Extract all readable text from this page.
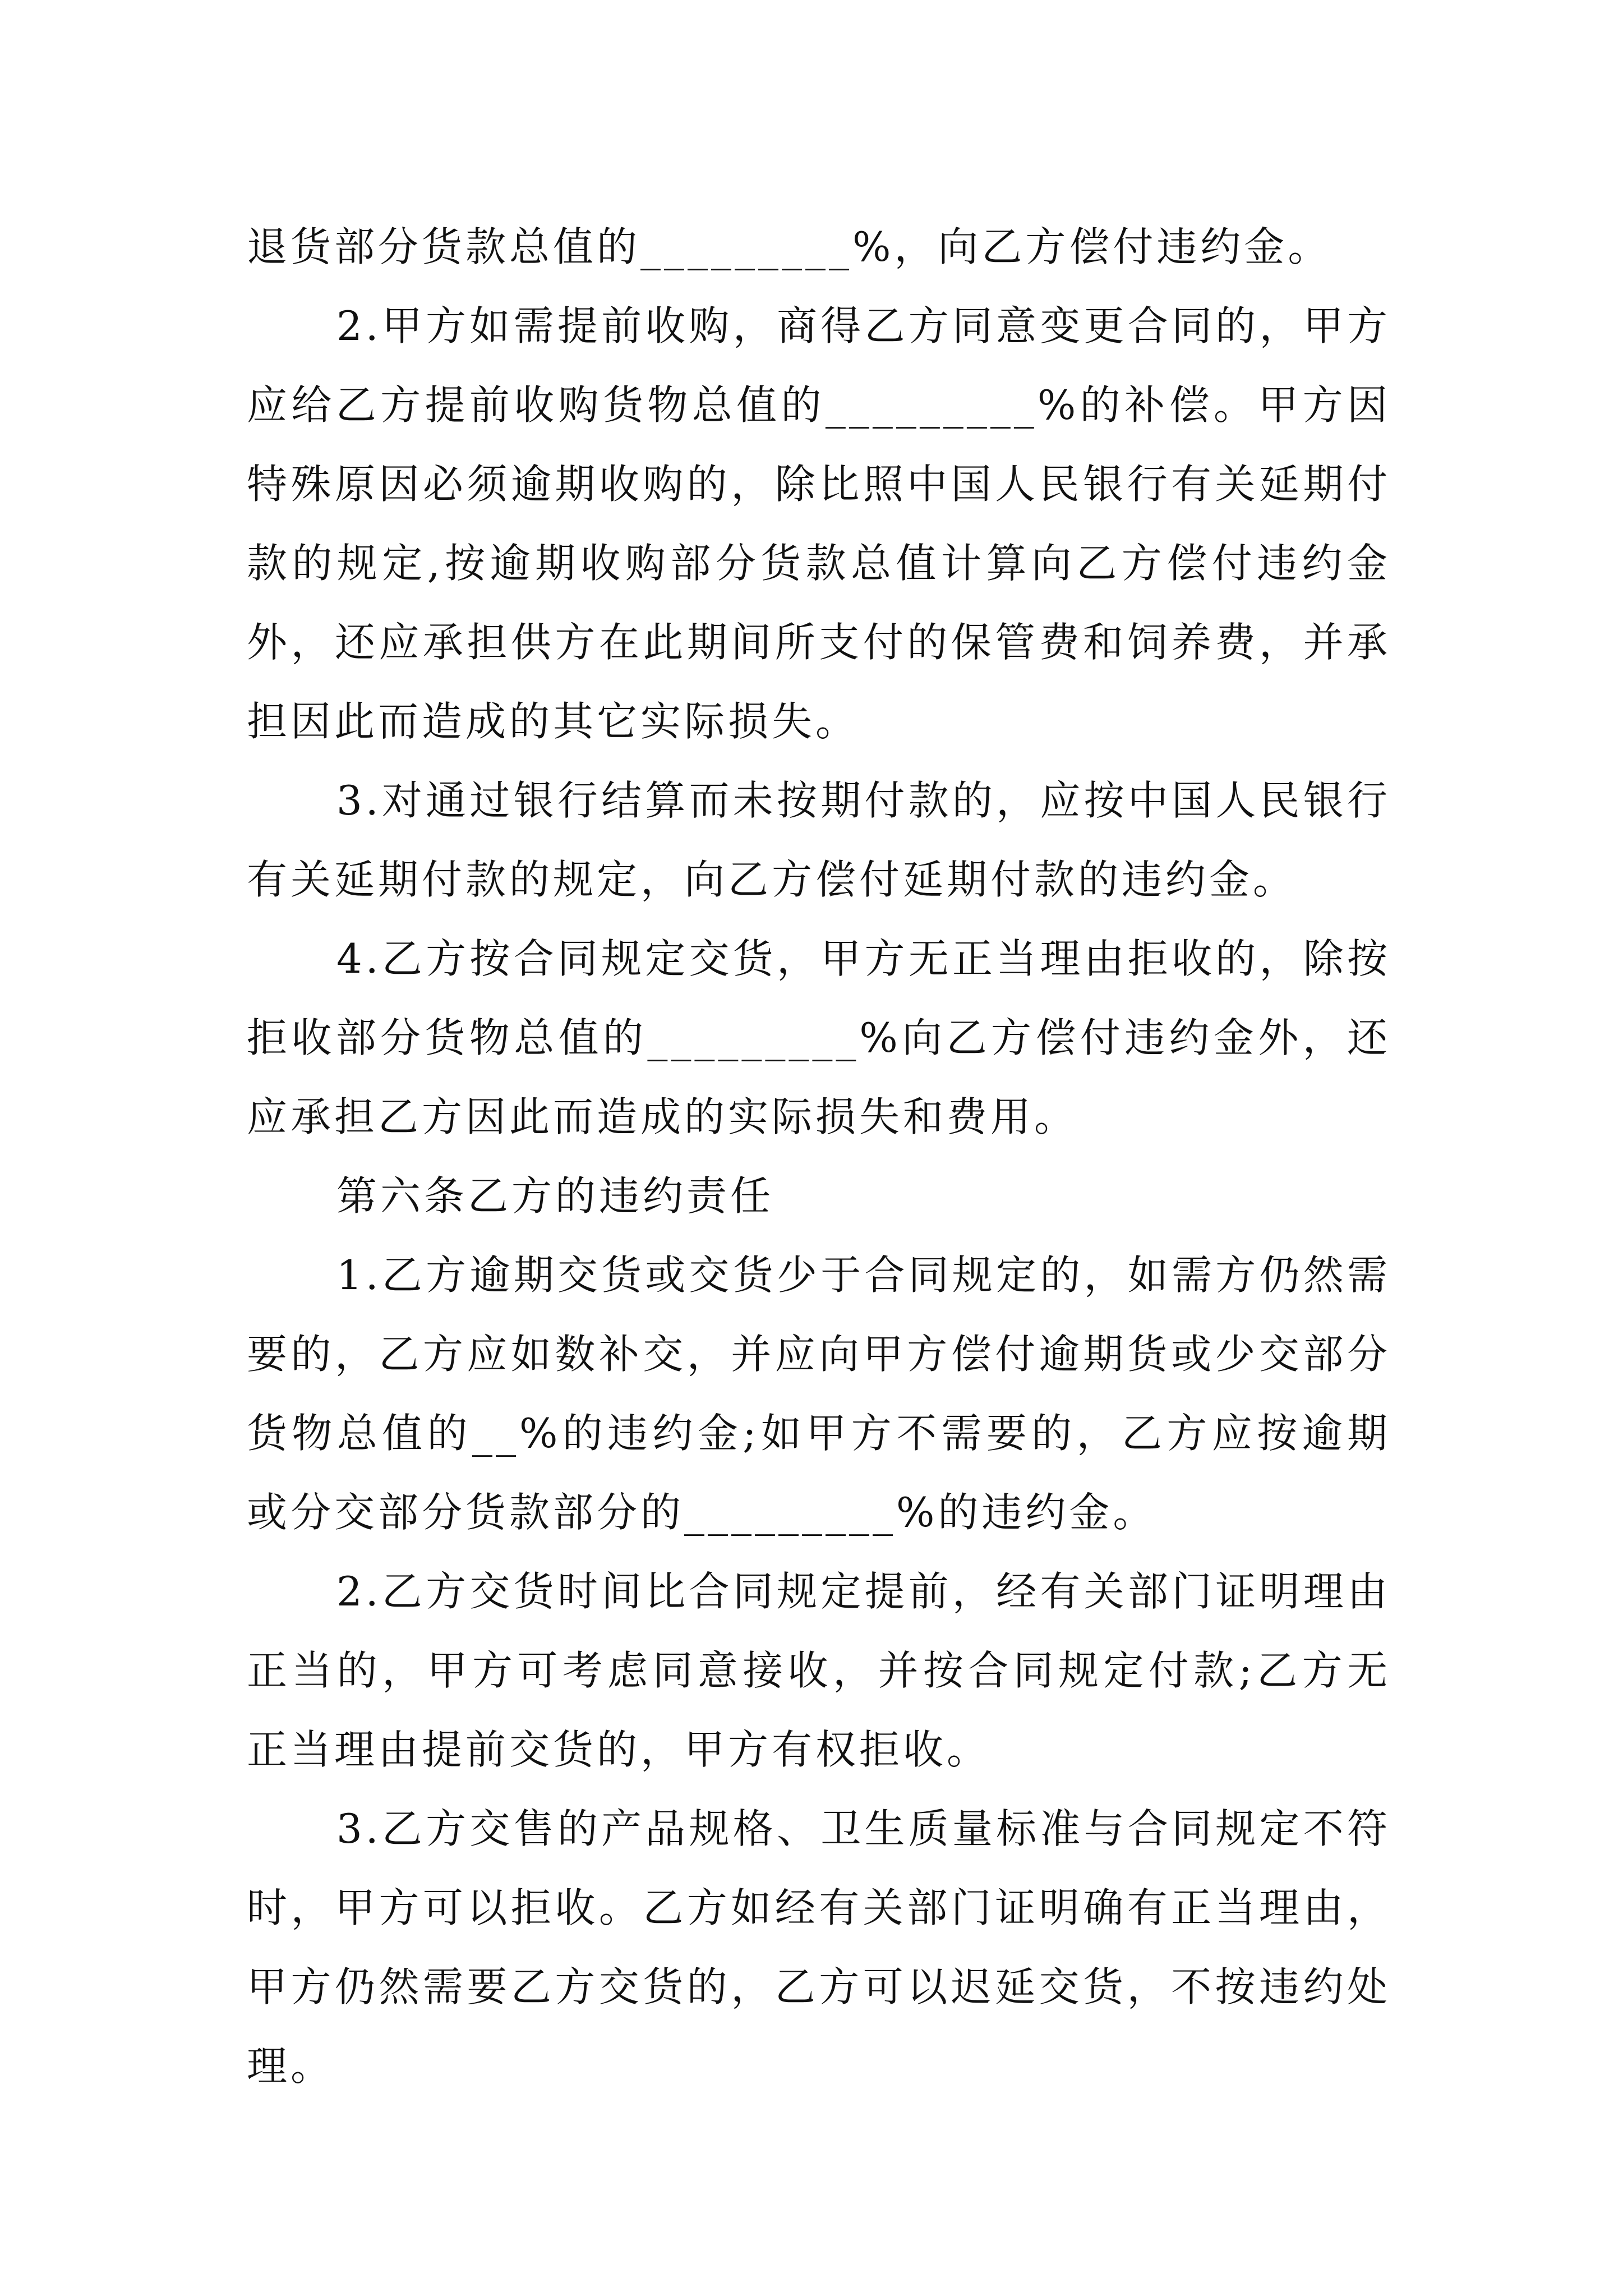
退货部分货款总值的_________%，向乙方偿付违约金。

2.甲方如需提前收购，商得乙方同意变更合同的，甲方应给乙方提前收购货物总值的_________%的补偿。甲方因特殊原因必须逾期收购的，除比照中国人民银行有关延期付款的规定,按逾期收购部分货款总值计算向乙方偿付违约金外，还应承担供方在此期间所支付的保管费和饲养费，并承担因此而造成的其它实际损失。

3.对通过银行结算而未按期付款的，应按中国人民银行有关延期付款的规定，向乙方偿付延期付款的违约金。

4.乙方按合同规定交货，甲方无正当理由拒收的，除按拒收部分货物总值的_________%向乙方偿付违约金外，还应承担乙方因此而造成的实际损失和费用。

第六条乙方的违约责任

1.乙方逾期交货或交货少于合同规定的，如需方仍然需要的，乙方应如数补交，并应向甲方偿付逾期货或少交部分货物总值的__%的违约金;如甲方不需要的，乙方应按逾期或分交部分货款部分的_________%的违约金。

2.乙方交货时间比合同规定提前，经有关部门证明理由正当的，甲方可考虑同意接收，并按合同规定付款;乙方无正当理由提前交货的，甲方有权拒收。

3.乙方交售的产品规格、卫生质量标准与合同规定不符时，甲方可以拒收。乙方如经有关部门证明确有正当理由，甲方仍然需要乙方交货的，乙方可以迟延交货，不按违约处理。
